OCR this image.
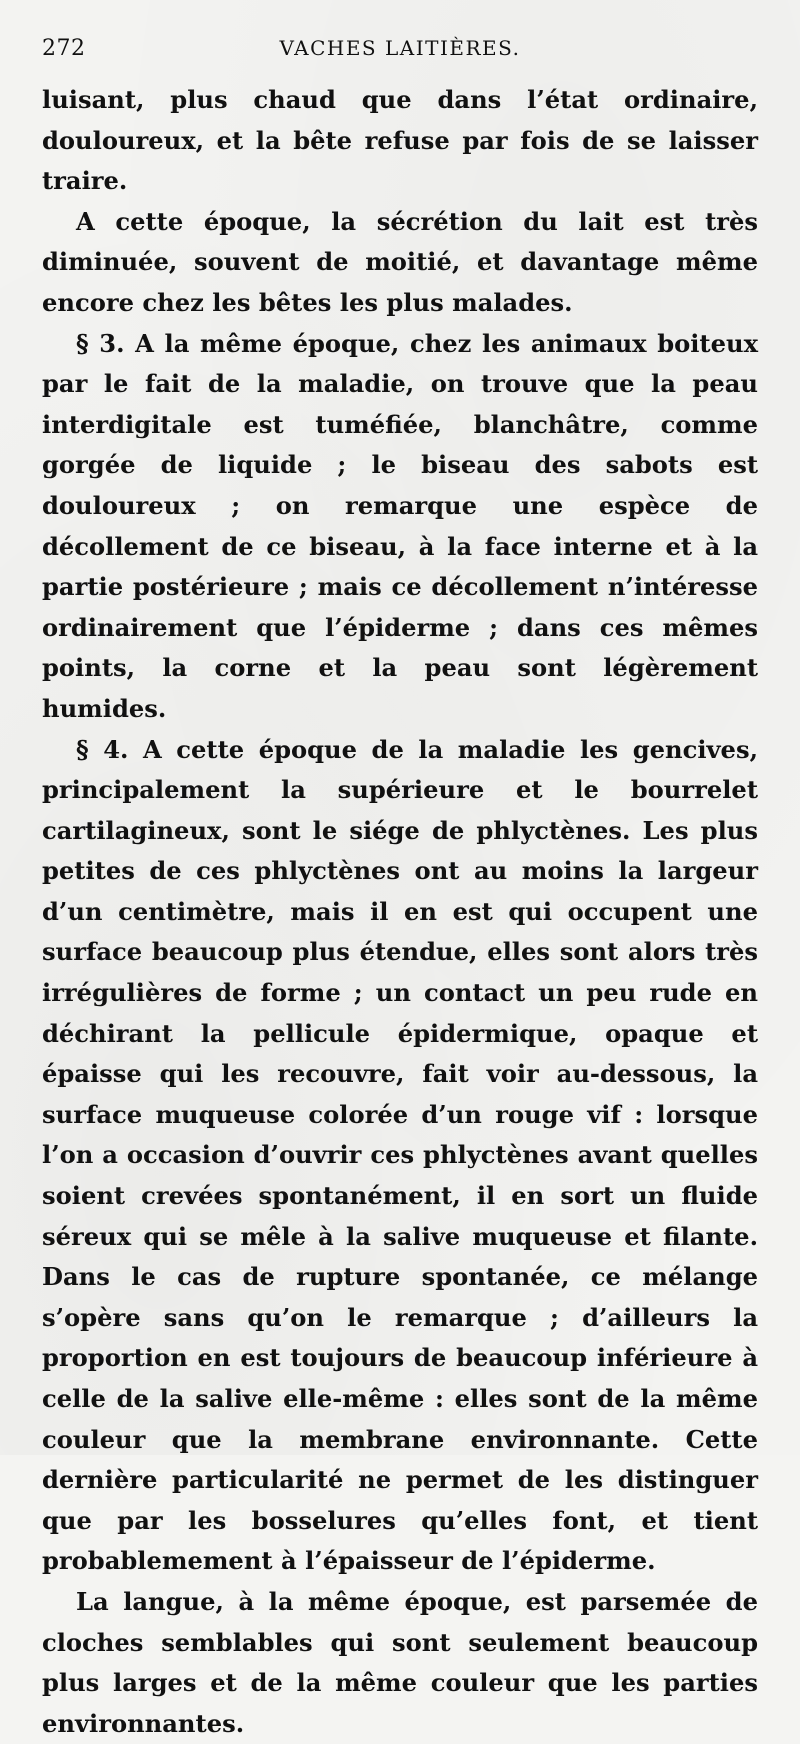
272	VACHES LAITIÈRES.

luisant, plus chaud que dans l’état ordinaire, douloureux, et la bête refuse par fois de se laisser traire.

A cette époque, la sécrétion du lait est très diminuée, souvent de moitié, et davantage même encore chez les bêtes les plus malades.

§ 3. A la même époque, chez les animaux boiteux par le fait de la maladie, on trouve que la peau interdigitale est tuméfiée, blanchâtre, comme gorgée de liquide ; le biseau des sabots est douloureux ; on remarque une espèce de décollement de ce biseau, à la face interne et à la partie postérieure ; mais ce décollement n’intéresse ordinairement que l’épiderme ; dans ces mêmes points, la corne et la peau sont légèrement humides.

§ 4. A cette époque de la maladie les gencives, principalement la supérieure et le bourrelet cartilagineux, sont le siége de phlyctènes. Les plus petites de ces phlyctènes ont au moins la largeur d’un centimètre, mais il en est qui occupent une surface beaucoup plus étendue, elles sont alors très irrégulières de forme ; un contact un peu rude en déchirant la pellicule épidermique, opaque et épaisse qui les recouvre, fait voir au-dessous, la surface muqueuse colorée d’un rouge vif : lorsque l’on a occasion d’ouvrir ces phlyctènes avant quelles soient crevées spontanément, il en sort un fluide séreux qui se mêle à la salive muqueuse et filante. Dans le cas de rupture spontanée, ce mélange s’opère sans qu’on le remarque ; d’ailleurs la proportion en est toujours de beaucoup inférieure à celle de la salive elle-même : elles sont de la même couleur que la membrane environnante. Cette dernière particularité ne permet de les distinguer que par les bosselures qu’elles font, et tient probablemement à l’épaisseur de l’épiderme.

La langue, à la même époque, est parsemée de cloches semblables qui sont seulement beaucoup plus larges et de la même couleur que les parties environnantes.
